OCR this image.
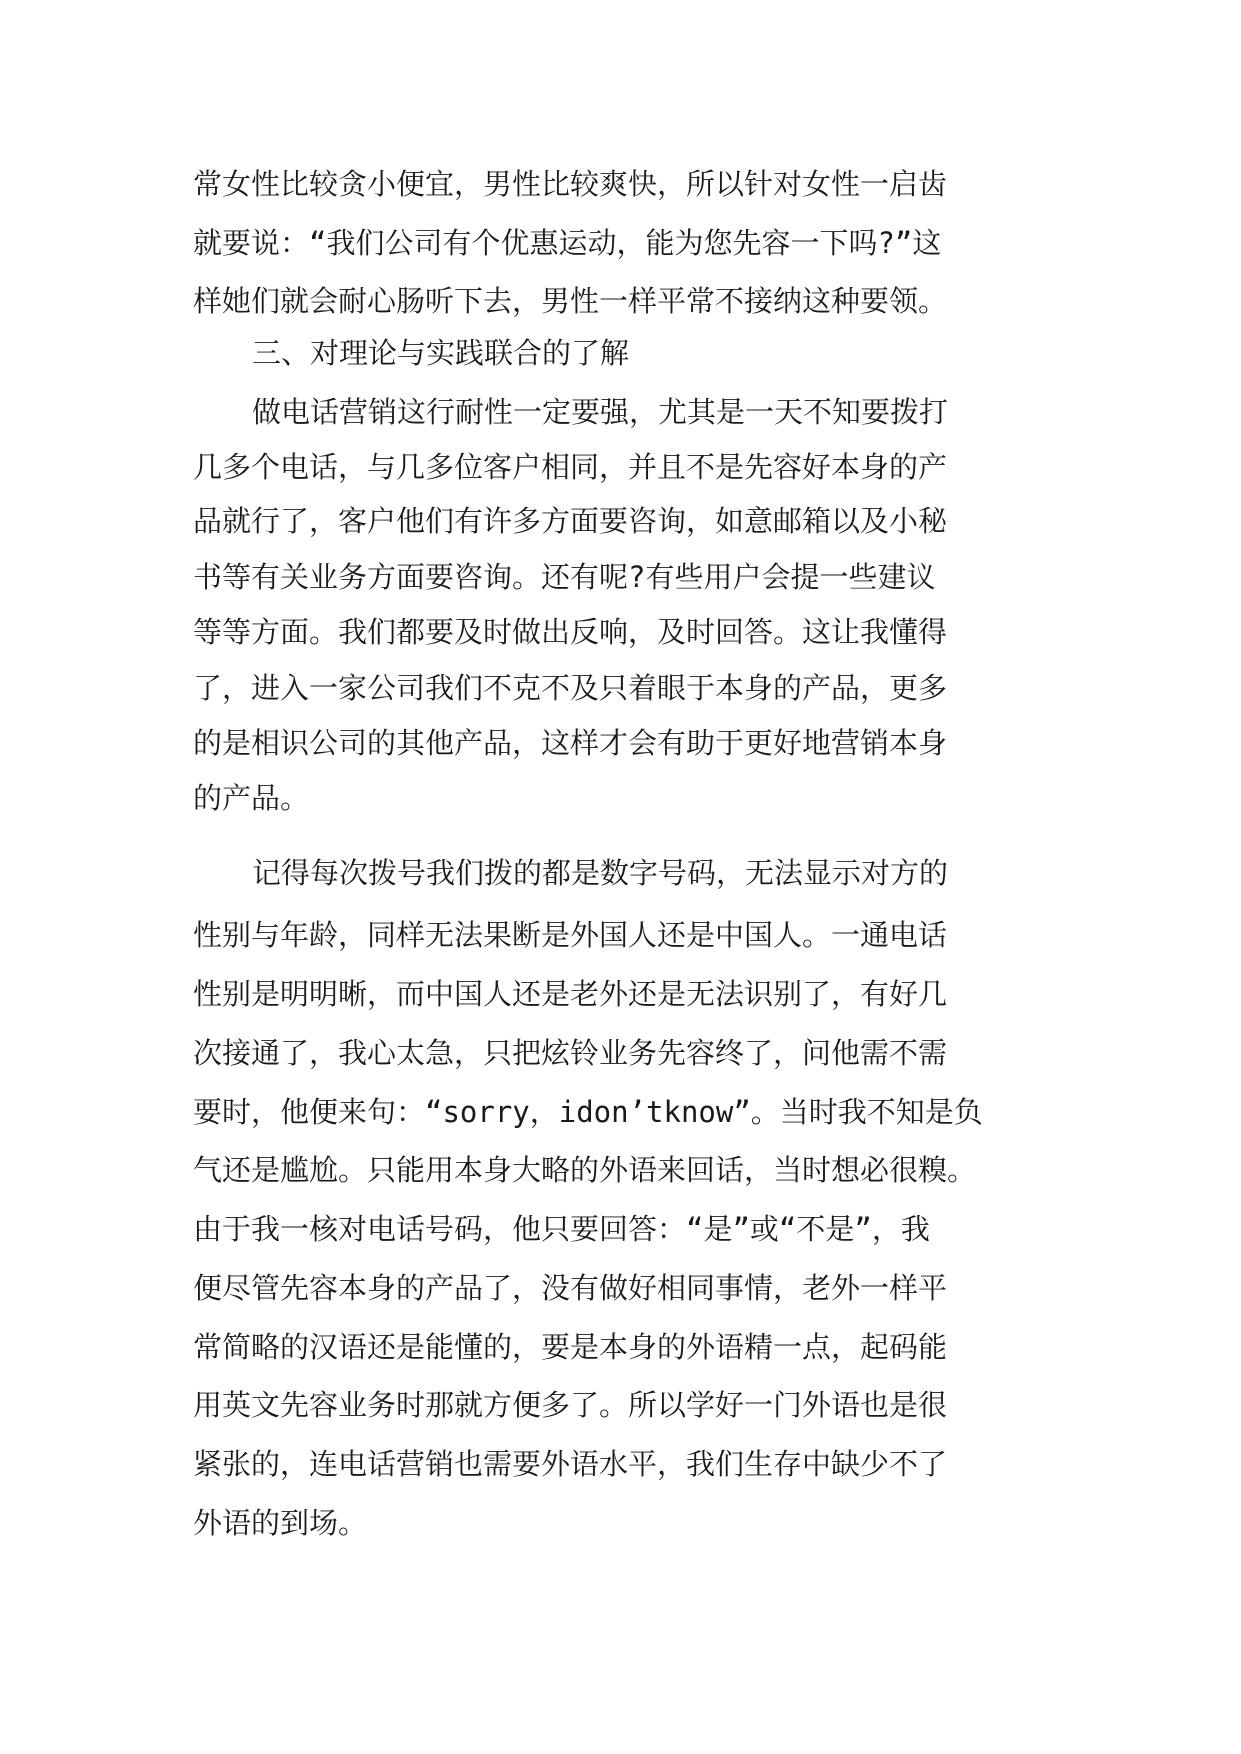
常女性比较贪小便宜，男性比较爽快，所以针对女性一启齿
就要说：“我们公司有个优惠运动，能为您先容一下吗?”这
样她们就会耐心肠听下去，男性一样平常不接纳这种要领。
三、对理论与实践联合的了解
做电话营销这行耐性一定要强，尤其是一天不知要拨打
几多个电话，与几多位客户相同，并且不是先容好本身的产
品就行了，客户他们有许多方面要咨询，如意邮箱以及小秘
书等有关业务方面要咨询。还有呢?有些用户会提一些建议
等等方面。我们都要及时做出反响，及时回答。这让我懂得
了，进入一家公司我们不克不及只着眼于本身的产品，更多
的是相识公司的其他产品，这样才会有助于更好地营销本身
的产品。
记得每次拨号我们拨的都是数字号码，无法显示对方的
性别与年龄，同样无法果断是外国人还是中国人。一通电话
性别是明明晰，而中国人还是老外还是无法识别了，有好几
次接通了，我心太急，只把炫铃业务先容终了，问他需不需
要时，他便来句：“sorry，idon’tknow”。当时我不知是负
气还是尴尬。只能用本身大略的外语来回话，当时想必很糗。
由于我一核对电话号码，他只要回答：“是”或“不是”，我
便尽管先容本身的产品了，没有做好相同事情，老外一样平
常简略的汉语还是能懂的，要是本身的外语精一点，起码能
用英文先容业务时那就方便多了。所以学好一门外语也是很
紧张的，连电话营销也需要外语水平，我们生存中缺少不了
外语的到场。
